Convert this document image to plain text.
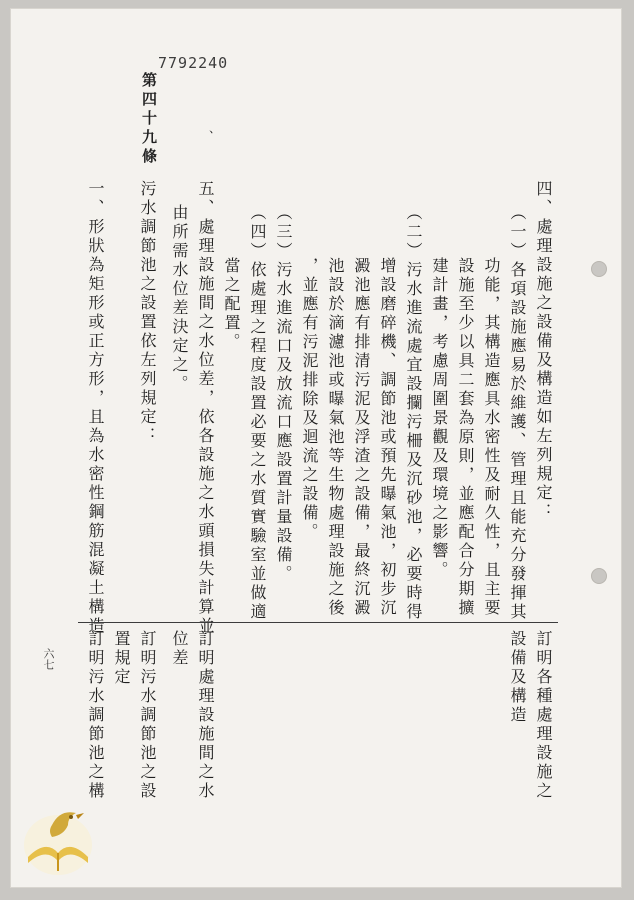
7792240
四、處理設施之設備及構造如左列規定：
（一）各項設施應易於維護、管理且能充分發揮其
功能，其構造應具水密性及耐久性，且主要
設施至少以具二套為原則，並應配合分期擴
建計畫，考慮周圍景觀及環境之影響。
（二）污水進流處宜設攔污柵及沉砂池，必要時得
增設磨碎機、調節池或預先曝氣池，初步沉
澱池應有排清污泥及浮渣之設備，最終沉澱
池設於滴濾池或曝氣池等生物處理設施之後
，並應有污泥排除及迴流之設備。
（三）污水進流口及放流口應設置計量設備。
（四）依處理之程度設置必要之水質實驗室並做適
當之配置。
五、處理設施間之水位差，依各設施之水頭損失計算並
由所需水位差決定之。
、
第四十九條
污水調節池之設置依左列規定：
一、形狀為矩形或正方形，且為水密性鋼筋混凝土構造
訂明各種處理設施之
設備及構造
訂明處理設施間之水
位差
訂明污水調節池之設
置規定
訂明污水調節池之構
六七
